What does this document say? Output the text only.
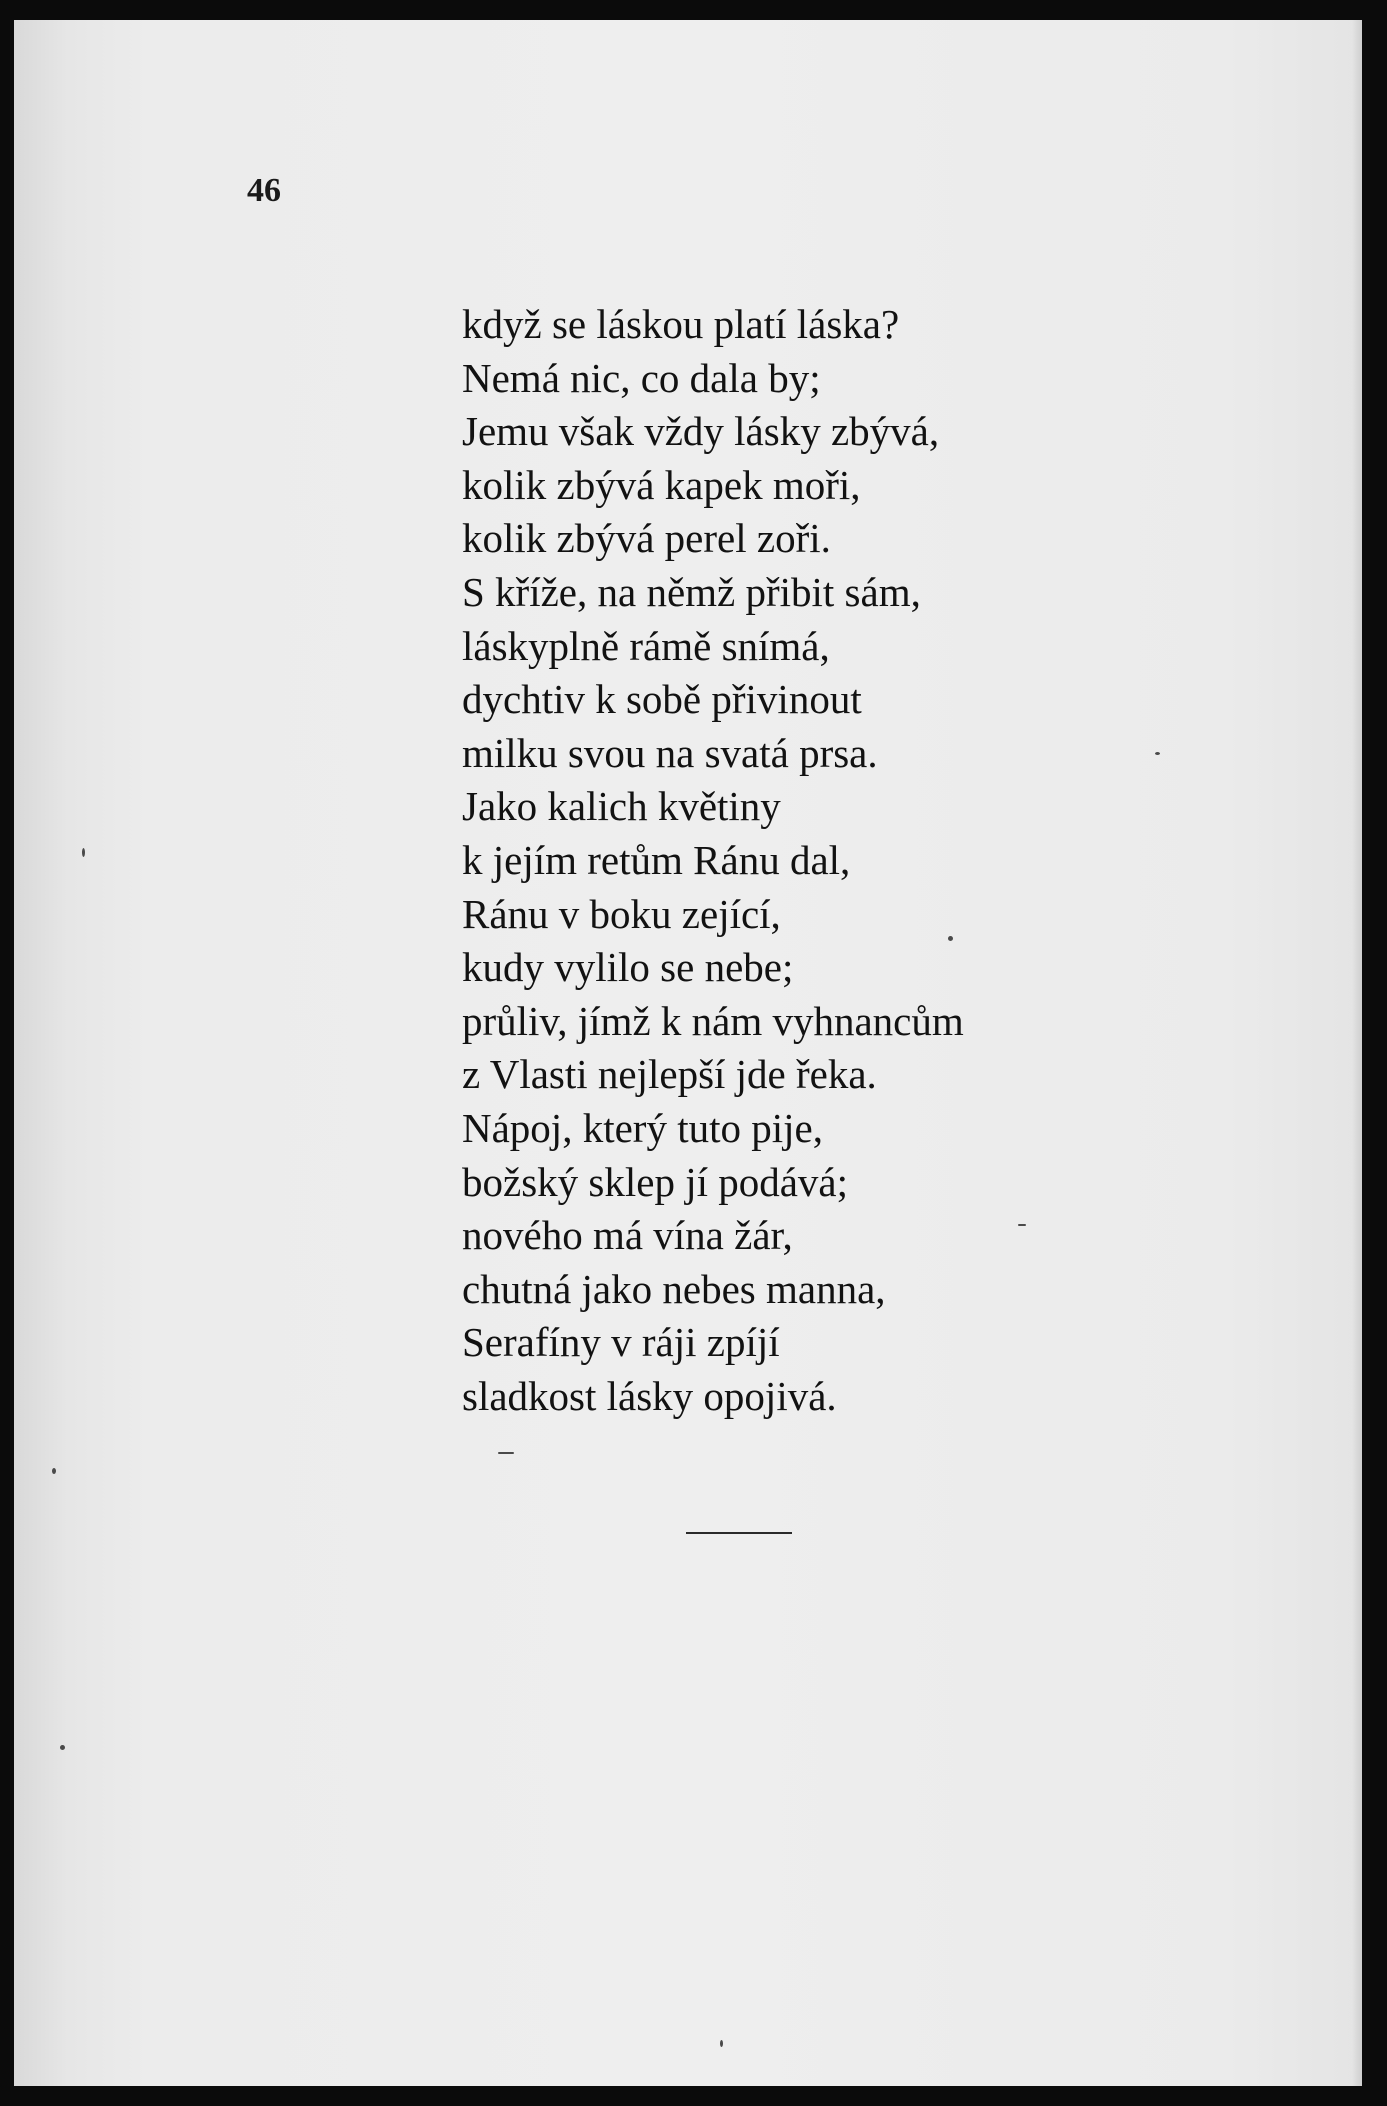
46

když se láskou platí láska?
Nemá nic, co dala by;
Jemu však vždy lásky zbývá,
kolik zbývá kapek moři,
kolik zbývá perel zoři.
S kříže, na němž přibit sám,
láskyplně rámě snímá,
dychtiv k sobě přivinout
milku svou na svatá prsa.
Jako kalich květiny
k jejím retům Ránu dal,
Ránu v boku zející,
kudy vylilo se nebe;
průliv, jímž k nám vyhnancům
z Vlasti nejlepší jde řeka.
Nápoj, který tuto pije,
božský sklep jí podává;
nového má vína žár,
chutná jako nebes manna,
Serafíny v ráji zpíjí
sladkost lásky opojivá.
